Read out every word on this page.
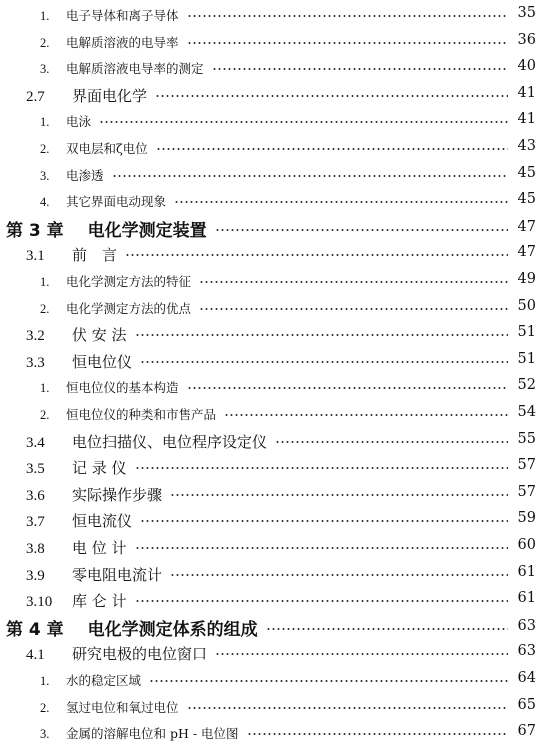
1. 电子导体和离子导体	35
2. 电解质溶液的电导率	36
3. 电解质溶液电导率的测定	40
2.7 界面电化学	41
1. 电泳	41
2. 双电层和ζ电位	43
3. 电渗透	45
4. 其它界面电动现象	45
第 3 章 电化学测定装置	47
3.1 前　言	47
1. 电化学测定方法的特征	49
2. 电化学测定方法的优点	50
3.2 伏 安 法	51
3.3 恒电位仪	51
1. 恒电位仪的基本构造	52
2. 恒电位仪的种类和市售产品	54
3.4 电位扫描仪、电位程序设定仪	55
3.5 记 录 仪	57
3.6 实际操作步骤	57
3.7 恒电流仪	59
3.8 电 位 计	60
3.9 零电阻电流计	61
3.10 库 仑 计	61
第 4 章 电化学测定体系的组成	63
4.1 研究电极的电位窗口	63
1. 水的稳定区域	64
2. 氢过电位和氧过电位	65
3. 金属的溶解电位和 pH - 电位图	67
